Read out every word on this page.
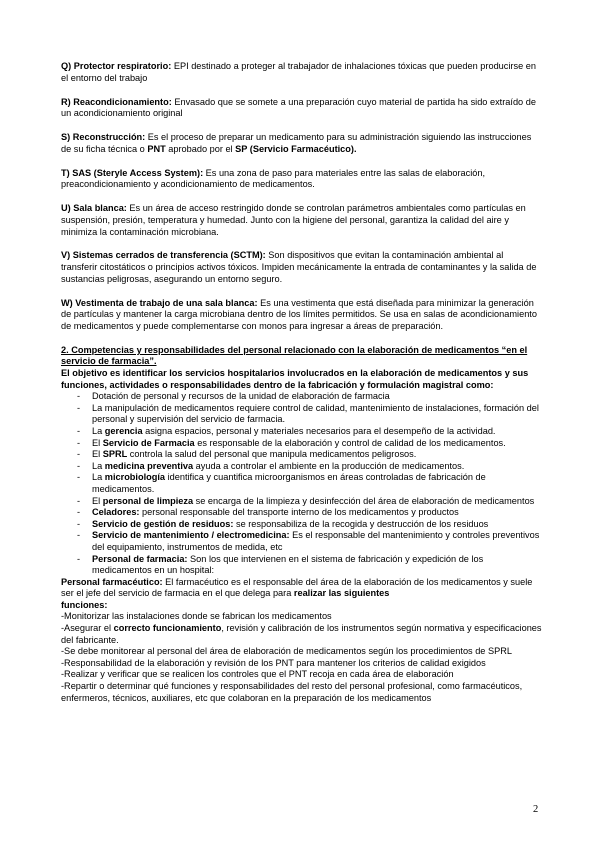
Q) Protector respiratorio: EPI destinado a proteger al trabajador de inhalaciones tóxicas que pueden producirse en el entorno del trabajo

R) Reacondicionamiento: Envasado que se somete a una preparación cuyo material de partida ha sido extraído de un acondicionamiento original

S) Reconstrucción: Es el proceso de preparar un medicamento para su administración siguiendo las instrucciones de su ficha técnica o PNT aprobado por el SP (Servicio Farmacéutico).

T) SAS (Steryle Access System): Es una zona de paso para materiales entre las salas de elaboración, preacondicionamiento y acondicionamiento de medicamentos.

U) Sala blanca: Es un área de acceso restringido donde se controlan parámetros ambientales como partículas en suspensión, presión, temperatura y humedad. Junto con la higiene del personal, garantiza la calidad del aire y minimiza la contaminación microbiana.

V) Sistemas cerrados de transferencia (SCTM): Son dispositivos que evitan la contaminación ambiental al transferir citostáticos o principios activos tóxicos. Impiden mecánicamente la entrada de contaminantes y la salida de sustancias peligrosas, asegurando un entorno seguro.

W) Vestimenta de trabajo de una sala blanca: Es una vestimenta que está diseñada para minimizar la generación de partículas y mantener la carga microbiana dentro de los límites permitidos. Se usa en salas de acondicionamiento de medicamentos y puede complementarse con monos para ingresar a áreas de preparación.

2. Competencias y responsabilidades del personal relacionado con la elaboración de medicamentos “en el servicio de farmacia”.

El objetivo es identificar los servicios hospitalarios involucrados en la elaboración de medicamentos y sus funciones, actividades o responsabilidades dentro de la fabricación y formulación magistral como:

- Dotación de personal y recursos de la unidad de elaboración de farmacia
- La manipulación de medicamentos requiere control de calidad, mantenimiento de instalaciones, formación del personal y supervisión del servicio de farmacia.
- La gerencia asigna espacios, personal y materiales necesarios para el desempeño de la actividad.
- El Servicio de Farmacia es responsable de la elaboración y control de calidad de los medicamentos.
- El SPRL controla la salud del personal que manipula medicamentos peligrosos.
- La medicina preventiva ayuda a controlar el ambiente en la producción de medicamentos.
- La microbiología identifica y cuantifica microorganismos en áreas controladas de fabricación de medicamentos.
- El personal de limpieza se encarga de la limpieza y desinfección del área de elaboración de medicamentos
- Celadores: personal responsable del transporte interno de los medicamentos y productos
- Servicio de gestión de residuos: se responsabiliza de la recogida y destrucción de los residuos
- Servicio de mantenimiento / electromedicina: Es el responsable del mantenimiento y controles preventivos del equipamiento, instrumentos de medida, etc
- Personal de farmacia: Son los que intervienen en el sistema de fabricación y expedición de los medicamentos en un hospital:

Personal farmacéutico: El farmacéutico es el responsable del área de la elaboración de los medicamentos y suele ser el jefe del servicio de farmacia en el que delega para realizar las siguientes
funciones:

-Monitorizar las instalaciones donde se fabrican los medicamentos

-Asegurar el correcto funcionamiento, revisión y calibración de los instrumentos según normativa y especificaciones del fabricante.

-Se debe monitorear al personal del área de elaboración de medicamentos según los procedimientos de SPRL

-Responsabilidad de la elaboración y revisión de los PNT para mantener los criterios de calidad exigidos

-Realizar y verificar que se realicen los controles que el PNT recoja en cada área de elaboración

-Repartir o determinar qué funciones y responsabilidades del resto del personal profesional, como farmacéuticos, enfermeros, técnicos, auxiliares, etc que colaboran en la preparación de los medicamentos

2
